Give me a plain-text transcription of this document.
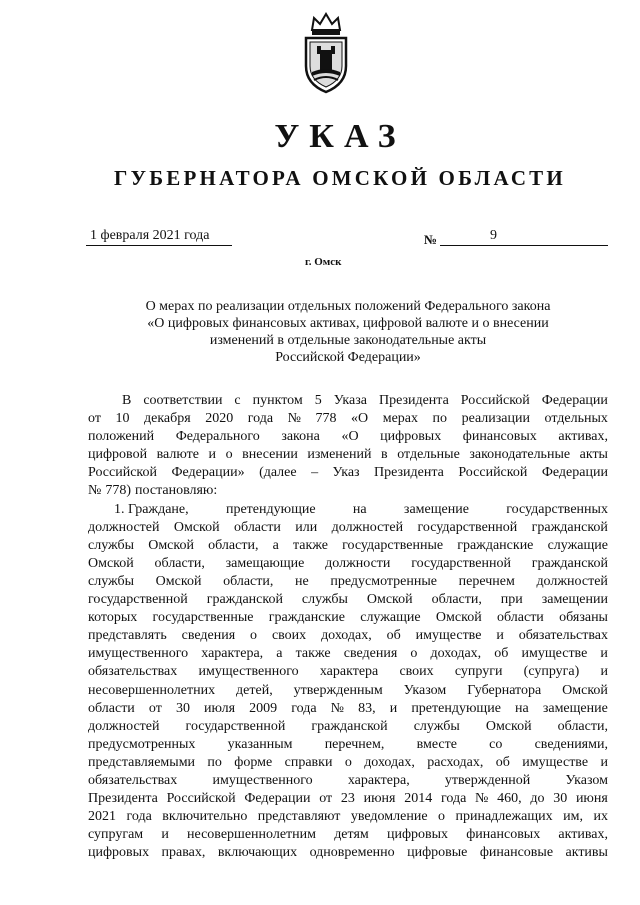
УКАЗ
ГУБЕРНАТОРА ОМСКОЙ ОБЛАСТИ
1 февраля 2021 года	№	9
г. Омск
О мерах по реализации отдельных положений Федерального закона
«О цифровых финансовых активах, цифровой валюте и о внесении
изменений в отдельные законодательные акты
Российской Федерации»
В соответствии с пунктом 5 Указа Президента Российской Федерации
от 10 декабря 2020 года № 778 «О мерах по реализации отдельных
положений Федерального закона «О цифровых финансовых активах,
цифровой валюте и о внесении изменений в отдельные законодательные акты
Российской Федерации» (далее – Указ Президента Российской Федерации
№ 778) постановляю:
1. Граждане,	претендующие	на	замещение	государственных
должностей Омской области или должностей государственной гражданской
службы Омской области, а также государственные гражданские служащие
Омской области, замещающие должности государственной гражданской
службы Омской области, не предусмотренные перечнем должностей
государственной гражданской службы Омской области, при замещении
которых государственные гражданские служащие Омской области обязаны
представлять сведения о своих доходах, об имуществе и обязательствах
имущественного характера, а также сведения о доходах, об имуществе и
обязательствах имущественного характера своих супруги (супруга) и
несовершеннолетних детей, утвержденным Указом Губернатора Омской
области от 30 июля 2009 года № 83, и претендующие на замещение
должностей государственной гражданской службы Омской области,
предусмотренных указанным перечнем, вместе со сведениями,
представляемыми по форме справки о доходах, расходах, об имуществе и
обязательствах	имущественного	характера,	утвержденной	Указом
Президента Российской Федерации от 23 июня 2014 года № 460, до 30 июня
2021 года включительно представляют уведомление о принадлежащих им, их
супругам и несовершеннолетним детям цифровых финансовых активах,
цифровых правах, включающих одновременно цифровые финансовые активы
